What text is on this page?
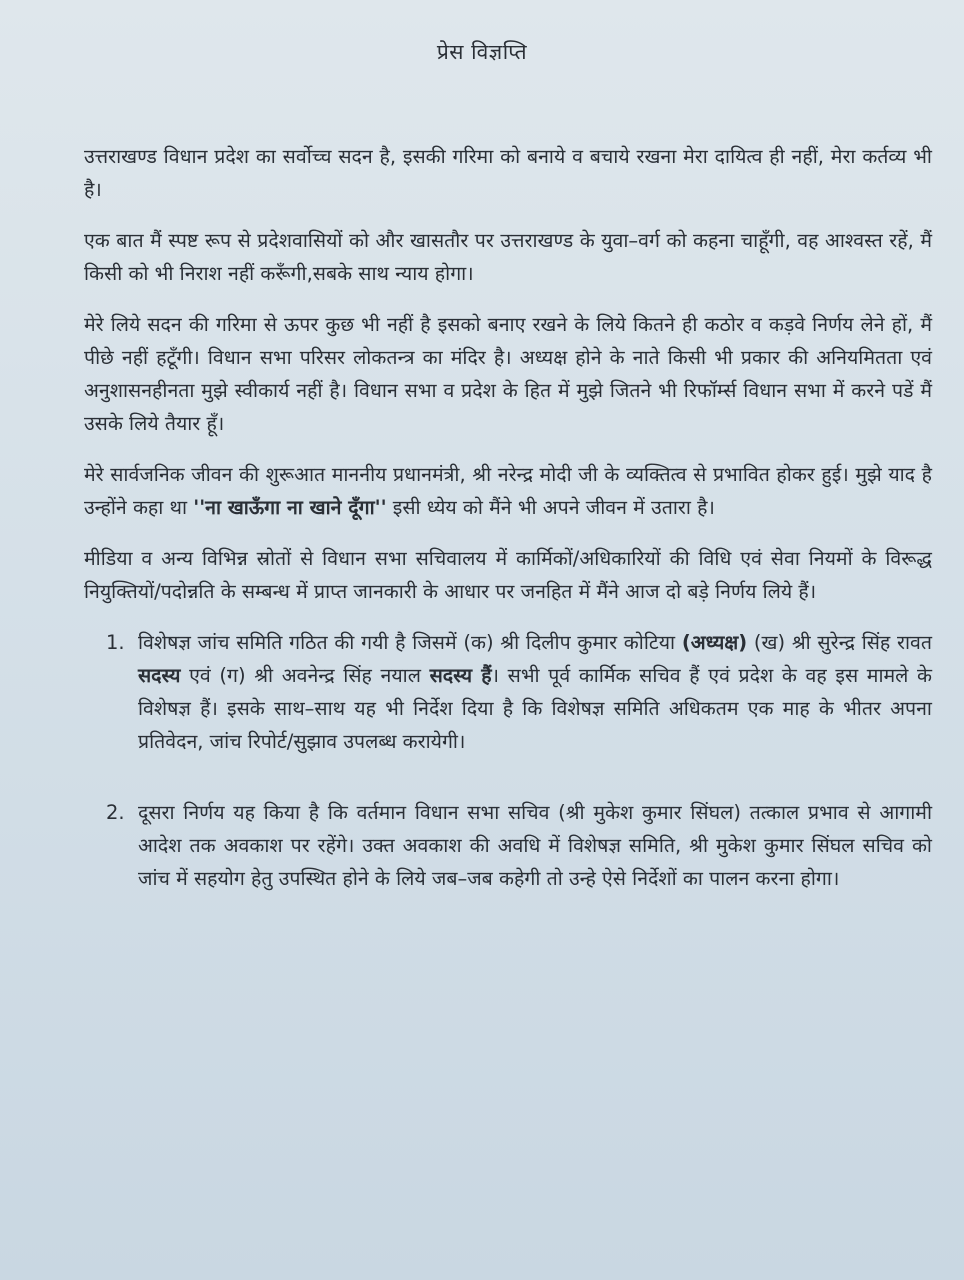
प्रेस विज्ञप्ति

उत्तराखण्ड विधान प्रदेश का सर्वोच्च सदन है, इसकी गरिमा को बनाये व बचाये रखना मेरा दायित्व ही नहीं, मेरा कर्तव्य भी है।

एक बात मैं स्पष्ट रूप से प्रदेशवासियों को और खासतौर पर उत्तराखण्ड के युवा–वर्ग को कहना चाहूँगी, वह आश्वस्त रहें, मैं किसी को भी निराश नहीं करूँगी,सबके साथ न्याय होगा।

मेरे लिये सदन की गरिमा से ऊपर कुछ भी नहीं है इसको बनाए रखने के लिये कितने ही कठोर व कड़वे निर्णय लेने हों, मैं पीछे नहीं हटूँगी। विधान सभा परिसर लोकतन्त्र का मंदिर है। अध्यक्ष होने के नाते किसी भी प्रकार की अनियमितता एवं अनुशासनहीनता मुझे स्वीकार्य नहीं है। विधान सभा व प्रदेश के हित में मुझे जितने भी रिफॉर्म्स विधान सभा में करने पडें मैं उसके लिये तैयार हूँ।

मेरे सार्वजनिक जीवन की शुरूआत माननीय प्रधानमंत्री, श्री नरेन्द्र मोदी जी के व्यक्तित्व से प्रभावित होकर हुई। मुझे याद है उन्होंने कहा था ''ना खाऊँगा ना खाने दूँगा'' इसी ध्येय को मैंने भी अपने जीवन में उतारा है।

मीडिया व अन्य विभिन्न स्रोतों से विधान सभा सचिवालय में कार्मिकों/अधिकारियों की विधि एवं सेवा नियमों के विरूद्ध नियुक्तियों/पदोन्नति के सम्बन्ध में प्राप्त जानकारी के आधार पर जनहित में मैंने आज दो बड़े निर्णय लिये हैं।

1. विशेषज्ञ जांच समिति गठित की गयी है जिसमें (क) श्री दिलीप कुमार कोटिया (अध्यक्ष) (ख) श्री सुरेन्द्र सिंह रावत सदस्य एवं (ग) श्री अवनेन्द्र सिंह नयाल सदस्य हैं। सभी पूर्व कार्मिक सचिव हैं एवं प्रदेश के वह इस मामले के विशेषज्ञ हैं। इसके साथ–साथ यह भी निर्देश दिया है कि विशेषज्ञ समिति अधिकतम एक माह के भीतर अपना प्रतिवेदन, जांच रिपोर्ट/सुझाव उपलब्ध करायेगी।
2. दूसरा निर्णय यह किया है कि वर्तमान विधान सभा सचिव (श्री मुकेश कुमार सिंघल) तत्काल प्रभाव से आगामी आदेश तक अवकाश पर रहेंगे। उक्त अवकाश की अवधि में विशेषज्ञ समिति, श्री मुकेश कुमार सिंघल सचिव को जांच में सहयोग हेतु उपस्थित होने के लिये जब–जब कहेगी तो उन्हे ऐसे निर्देशों का पालन करना होगा।
